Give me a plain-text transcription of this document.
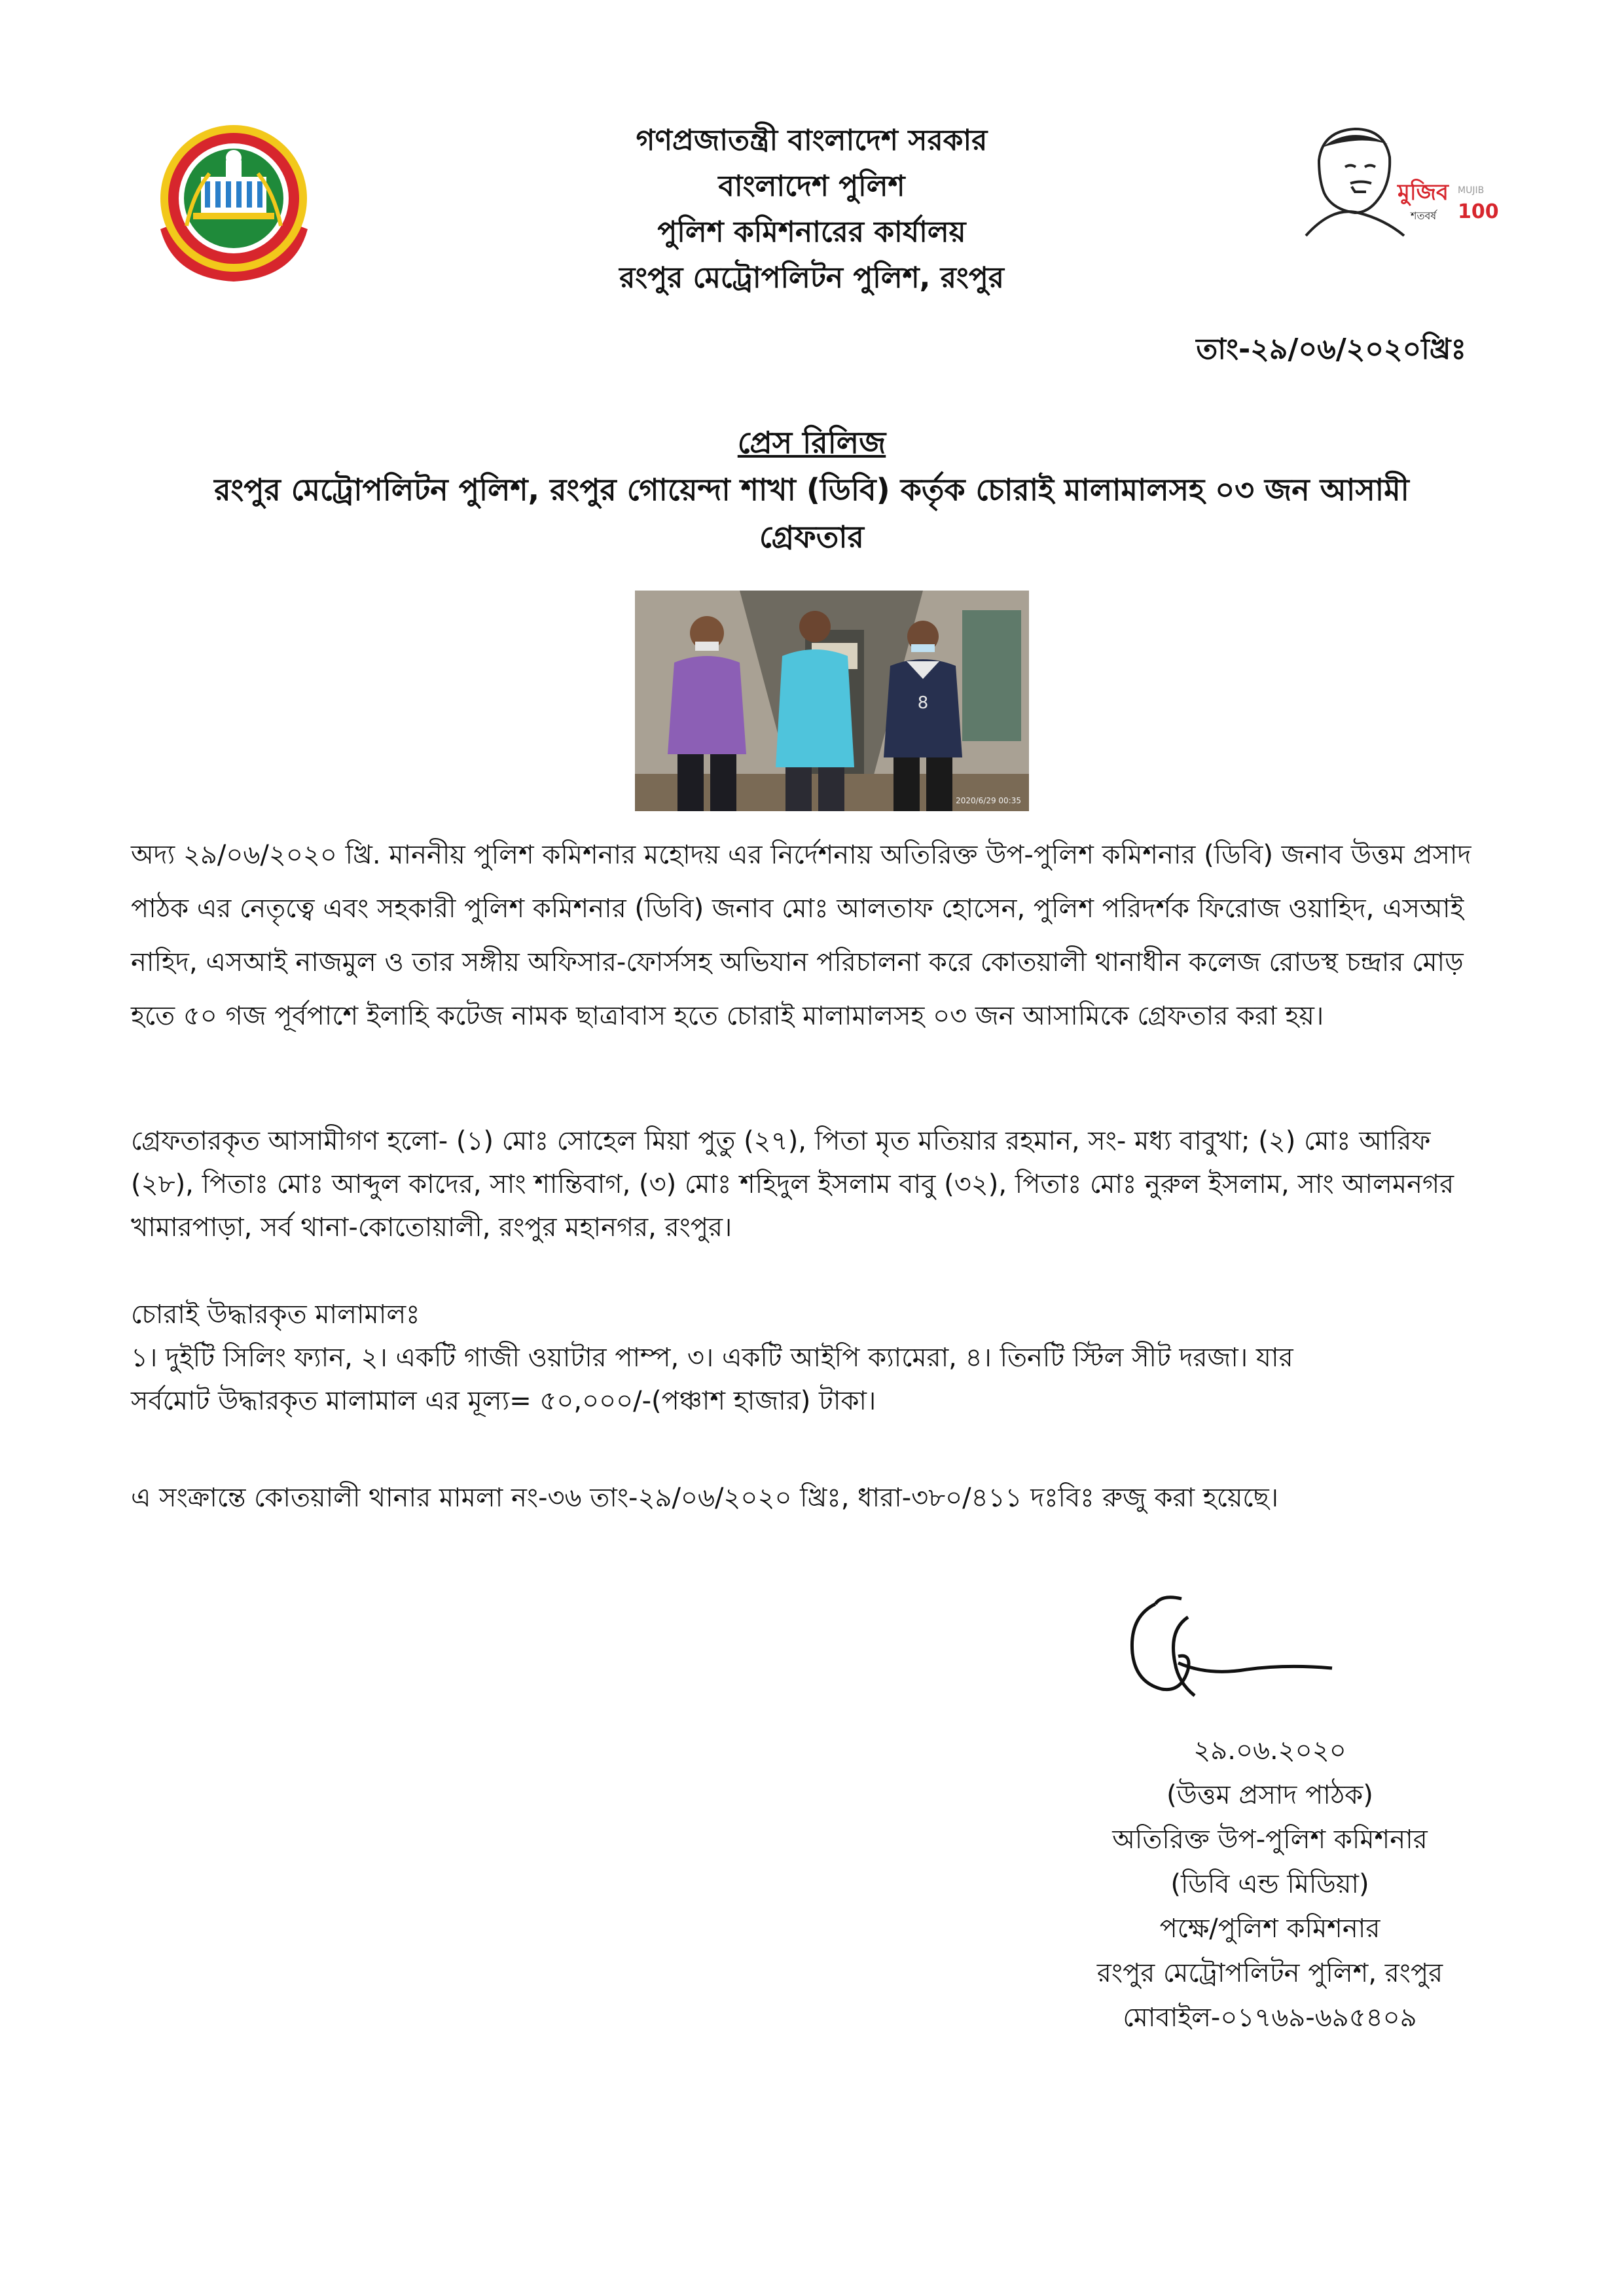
মুজিব MUJIB
100
শতবর্ষ
গণপ্রজাতন্ত্রী বাংলাদেশ সরকার
বাংলাদেশ পুলিশ
পুলিশ কমিশনারের কার্যালয়
রংপুর মেট্রোপলিটন পুলিশ, রংপুর
তাং-২৯/০৬/২০২০খ্রিঃ
প্রেস রিলিজ
রংপুর মেট্রোপলিটন পুলিশ, রংপুর গোয়েন্দা শাখা (ডিবি) কর্তৃক চোরাই মালামালসহ ০৩ জন আসামী
গ্রেফতার
8
2020/6/29 00:35
অদ্য ২৯/০৬/২০২০ খ্রি. মাননীয় পুলিশ কমিশনার মহোদয় এর নির্দেশনায় অতিরিক্ত উপ-পুলিশ কমিশনার (ডিবি) জনাব উত্তম প্রসাদ পাঠক এর নেতৃত্বে এবং সহকারী পুলিশ কমিশনার (ডিবি) জনাব মোঃ আলতাফ হোসেন, পুলিশ পরিদর্শক ফিরোজ ওয়াহিদ, এসআই নাহিদ, এসআই নাজমুল ও তার সঙ্গীয় অফিসার-ফোর্সসহ অভিযান পরিচালনা করে কোতয়ালী থানাধীন কলেজ রোডস্থ চন্দ্রার মোড় হতে ৫০ গজ পূর্বপাশে ইলাহি কটেজ নামক ছাত্রাবাস হতে চোরাই মালামালসহ ০৩ জন আসামিকে গ্রেফতার করা হয়।
গ্রেফতারকৃত আসামীগণ হলো- (১) মোঃ সোহেল মিয়া পুতু (২৭), পিতা মৃত মতিয়ার রহমান, সং- মধ্য বাবুখা; (২) মোঃ আরিফ (২৮), পিতাঃ মোঃ আব্দুল কাদের, সাং শান্তিবাগ, (৩) মোঃ শহিদুল ইসলাম বাবু (৩২), পিতাঃ মোঃ নুরুল ইসলাম, সাং আলমনগর খামারপাড়া, সর্ব থানা-কোতোয়ালী, রংপুর মহানগর, রংপুর।
চোরাই উদ্ধারকৃত মালামালঃ
১। দুইটি সিলিং ফ্যান, ২। একটি গাজী ওয়াটার পাম্প, ৩। একটি আইপি ক্যামেরা, ৪। তিনটি স্টিল সীট দরজা। যার
সর্বমোট উদ্ধারকৃত মালামাল এর মূল্য= ৫০,০০০/-(পঞ্চাশ হাজার) টাকা।
এ সংক্রান্তে কোতয়ালী থানার মামলা নং-৩৬ তাং-২৯/০৬/২০২০ খ্রিঃ, ধারা-৩৮০/৪১১ দঃবিঃ রুজু করা হয়েছে।
২৯.০৬.২০২০
(উত্তম প্রসাদ পাঠক)
অতিরিক্ত উপ-পুলিশ কমিশনার
(ডিবি এন্ড মিডিয়া)
পক্ষে/পুলিশ কমিশনার
রংপুর মেট্রোপলিটন পুলিশ, রংপুর
মোবাইল-০১৭৬৯-৬৯৫৪০৯
